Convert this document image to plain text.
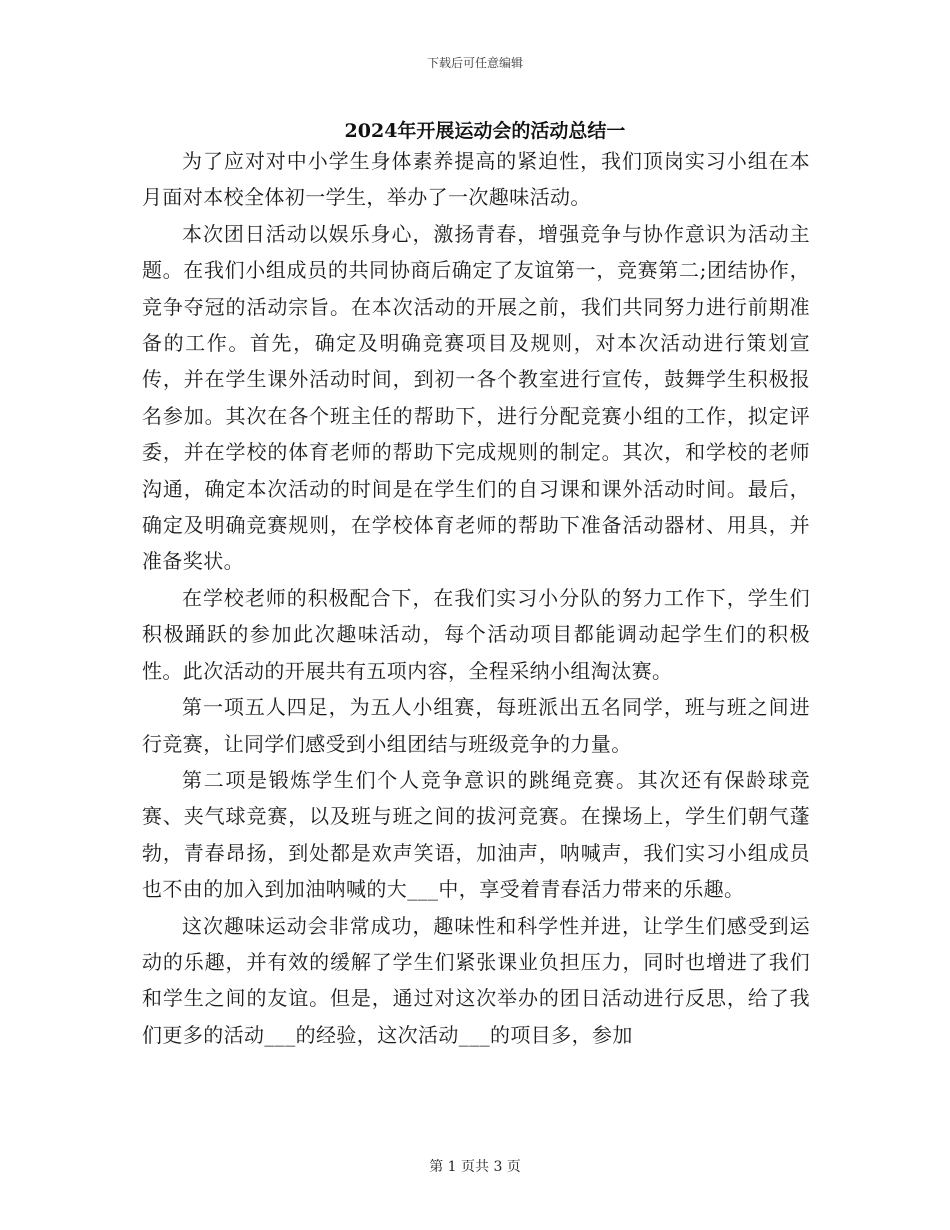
下载后可任意编辑
2024年开展运动会的活动总结一

为了应对对中小学生身体素养提高的紧迫性，我们顶岗实习小组在本月面对本校全体初一学生，举办了一次趣味活动。

本次团日活动以娱乐身心，激扬青春，增强竞争与协作意识为活动主题。在我们小组成员的共同协商后确定了友谊第一，竞赛第二;团结协作，竞争夺冠的活动宗旨。在本次活动的开展之前，我们共同努力进行前期准备的工作。首先，确定及明确竞赛项目及规则，对本次活动进行策划宣传，并在学生课外活动时间，到初一各个教室进行宣传，鼓舞学生积极报名参加。其次在各个班主任的帮助下，进行分配竞赛小组的工作，拟定评委，并在学校的体育老师的帮助下完成规则的制定。其次，和学校的老师沟通，确定本次活动的时间是在学生们的自习课和课外活动时间。最后，确定及明确竞赛规则，在学校体育老师的帮助下准备活动器材、用具，并准备奖状。

在学校老师的积极配合下，在我们实习小分队的努力工作下，学生们积极踊跃的参加此次趣味活动，每个活动项目都能调动起学生们的积极性。此次活动的开展共有五项内容，全程采纳小组淘汰赛。

第一项五人四足，为五人小组赛，每班派出五名同学，班与班之间进行竞赛，让同学们感受到小组团结与班级竞争的力量。

第二项是锻炼学生们个人竞争意识的跳绳竞赛。其次还有保龄球竞赛、夹气球竞赛，以及班与班之间的拔河竞赛。在操场上，学生们朝气蓬勃，青春昂扬，到处都是欢声笑语，加油声，呐喊声，我们实习小组成员也不由的加入到加油呐喊的大___中，享受着青春活力带来的乐趣。

这次趣味运动会非常成功，趣味性和科学性并进，让学生们感受到运动的乐趣，并有效的缓解了学生们紧张课业负担压力，同时也增进了我们和学生之间的友谊。但是，通过对这次举办的团日活动进行反思，给了我们更多的活动___的经验，这次活动___的项目多，参加

第 1 页共 3 页
